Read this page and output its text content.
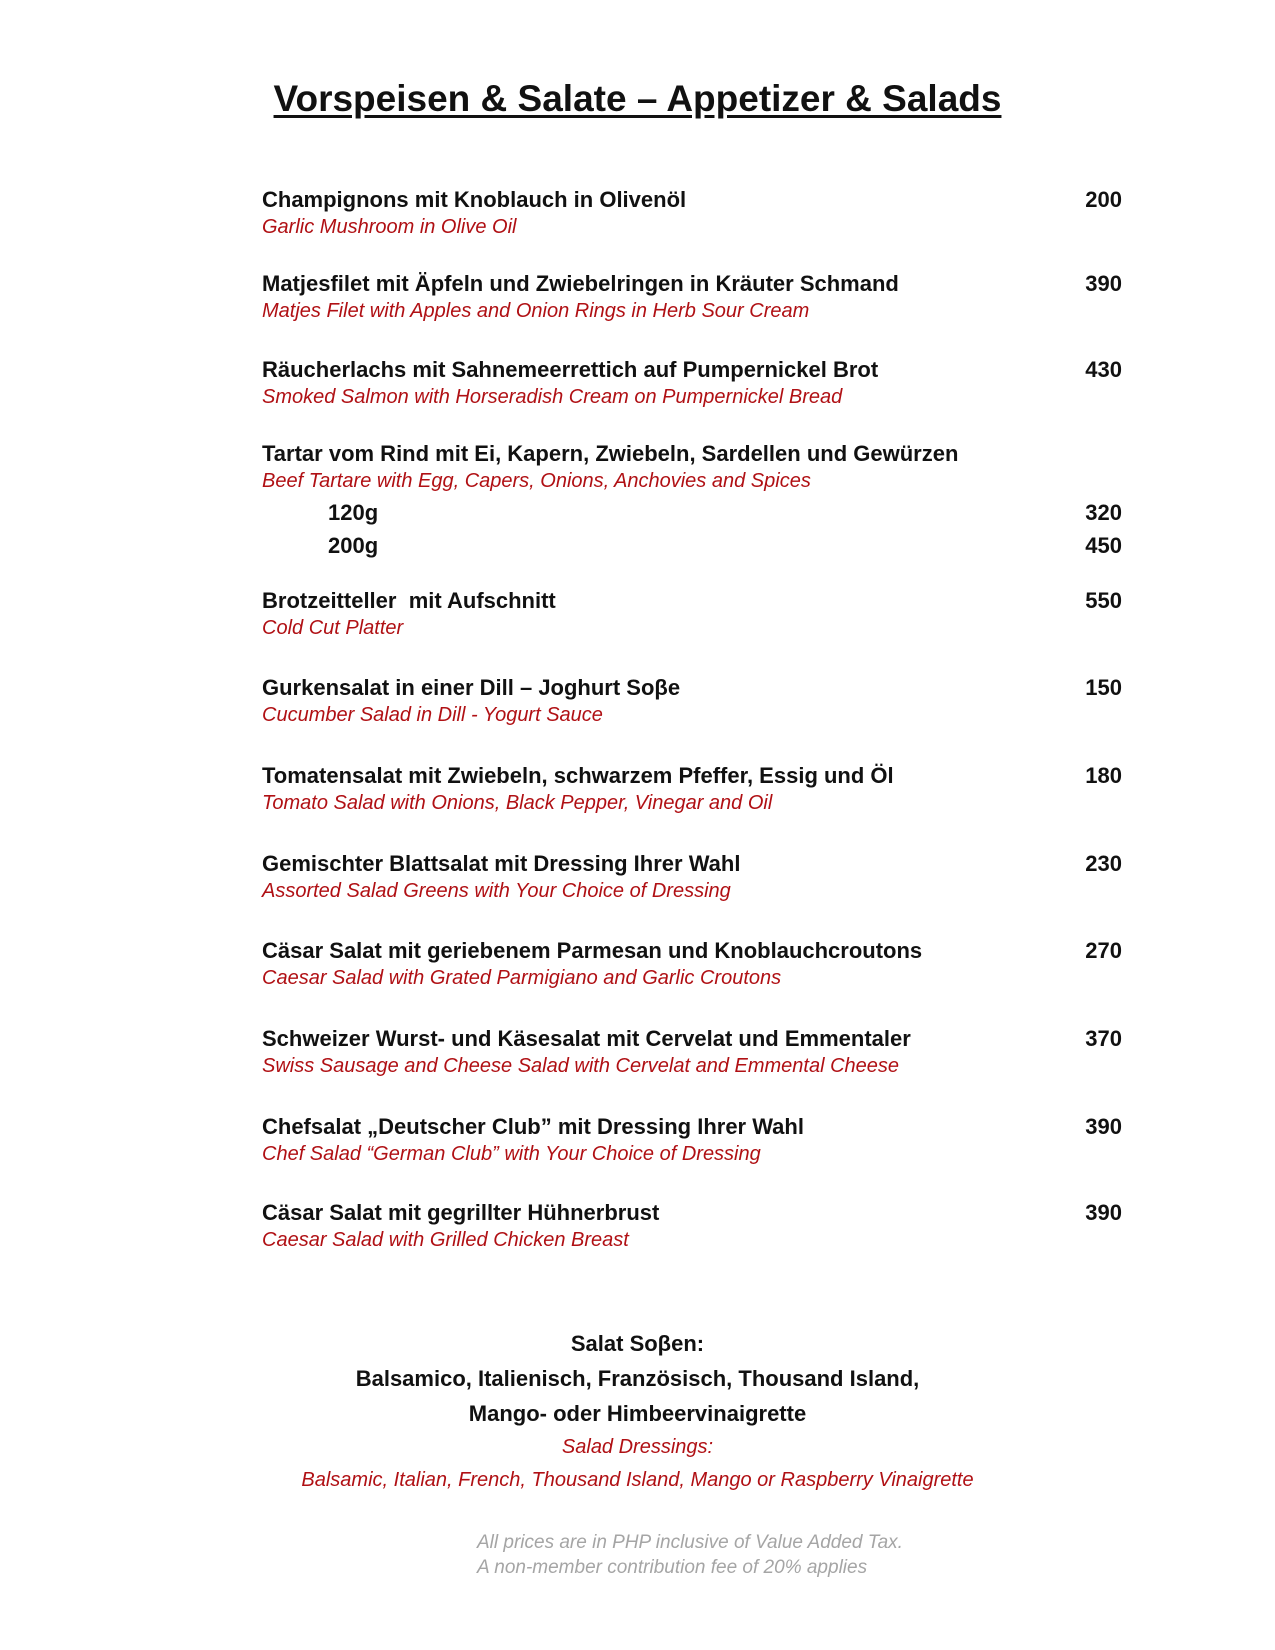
Vorspeisen & Salate – Appetizer & Salads
Champignons mit Knoblauch in Olivenöl	200
Garlic Mushroom in Olive Oil
Matjesfilet mit Äpfeln und Zwiebelringen in Kräuter Schmand	390
Matjes Filet with Apples and Onion Rings in Herb Sour Cream
Räucherlachs mit Sahnemeerrettich auf Pumpernickel Brot	430
Smoked Salmon with Horseradish Cream on Pumpernickel Bread
Tartar vom Rind mit Ei, Kapern, Zwiebeln, Sardellen und Gewürzen
Beef Tartare with Egg, Capers, Onions, Anchovies and Spices
120g	320
200g	450
Brotzeitteller  mit Aufschnitt	550
Cold Cut Platter
Gurkensalat in einer Dill – Joghurt Soβe	150
Cucumber Salad in Dill - Yogurt Sauce
Tomatensalat mit Zwiebeln, schwarzem Pfeffer, Essig und Öl	180
Tomato Salad with Onions, Black Pepper, Vinegar and Oil
Gemischter Blattsalat mit Dressing Ihrer Wahl	230
Assorted Salad Greens with Your Choice of Dressing
Cäsar Salat mit geriebenem Parmesan und Knoblauchcroutons	270
Caesar Salad with Grated Parmigiano and Garlic Croutons
Schweizer Wurst- und Käsesalat mit Cervelat und Emmentaler	370
Swiss Sausage and Cheese Salad with Cervelat and Emmental Cheese
Chefsalat „Deutscher Club” mit Dressing Ihrer Wahl	390
Chef Salad “German Club” with Your Choice of Dressing
Cäsar Salat mit gegrillter Hühnerbrust	390
Caesar Salad with Grilled Chicken Breast
Salat Soβen:
Balsamico, Italienisch, Französisch, Thousand Island,
Mango- oder Himbeervinaigrette
Salad Dressings:
Balsamic, Italian, French, Thousand Island, Mango or Raspberry Vinaigrette
All prices are in PHP inclusive of Value Added Tax.
A non-member contribution fee of 20% applies
